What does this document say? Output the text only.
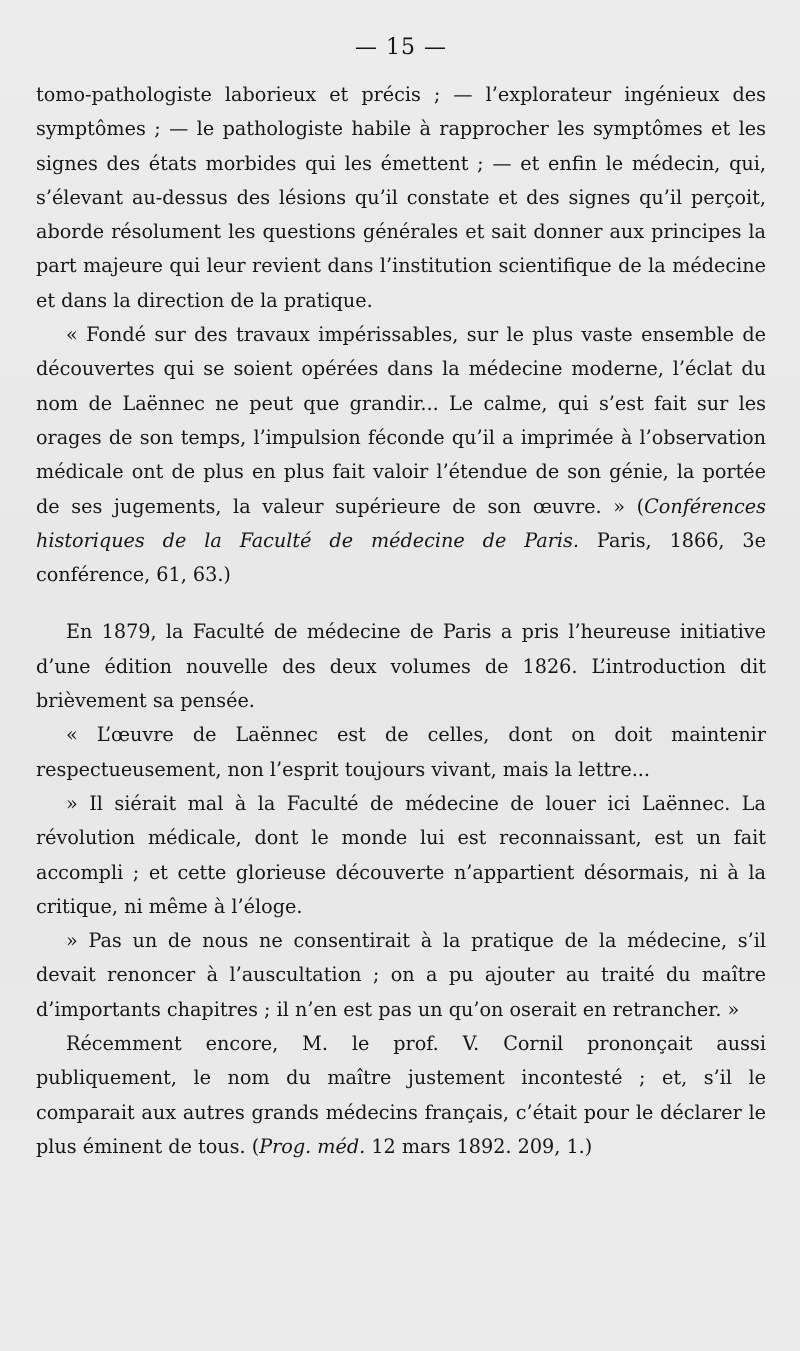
— 15 —

tomo-pathologiste laborieux et précis ; — l’explorateur ingénieux des symptômes ; — le pathologiste habile à rapprocher les symptômes et les signes des états morbides qui les émettent ; — et enfin le médecin, qui, s’élevant au-dessus des lésions qu’il constate et des signes qu’il perçoit, aborde résolument les questions générales et sait donner aux principes la part majeure qui leur revient dans l’institution scientifique de la médecine et dans la direction de la pratique.

« Fondé sur des travaux impérissables, sur le plus vaste ensemble de découvertes qui se soient opérées dans la médecine moderne, l’éclat du nom de Laënnec ne peut que grandir... Le calme, qui s’est fait sur les orages de son temps, l’impulsion féconde qu’il a imprimée à l’observation médicale ont de plus en plus fait valoir l’étendue de son génie, la portée de ses jugements, la valeur supérieure de son œuvre. » (Conférences historiques de la Faculté de médecine de Paris. Paris, 1866, 3e conférence, 61, 63.)

En 1879, la Faculté de médecine de Paris a pris l’heureuse initiative d’une édition nouvelle des deux volumes de 1826. L’introduction dit brièvement sa pensée.

« L’œuvre de Laënnec est de celles, dont on doit maintenir respectueusement, non l’esprit toujours vivant, mais la lettre...

» Il siérait mal à la Faculté de médecine de louer ici Laënnec. La révolution médicale, dont le monde lui est reconnaissant, est un fait accompli ; et cette glorieuse découverte n’appartient désormais, ni à la critique, ni même à l’éloge.

» Pas un de nous ne consentirait à la pratique de la médecine, s’il devait renoncer à l’auscultation ; on a pu ajouter au traité du maître d’importants chapitres ; il n’en est pas un qu’on oserait en retrancher. »

Récemment encore, M. le prof. V. Cornil prononçait aussi publiquement, le nom du maître justement incontesté ; et, s’il le comparait aux autres grands médecins français, c’était pour le déclarer le plus éminent de tous. (Prog. méd. 12 mars 1892. 209, 1.)
